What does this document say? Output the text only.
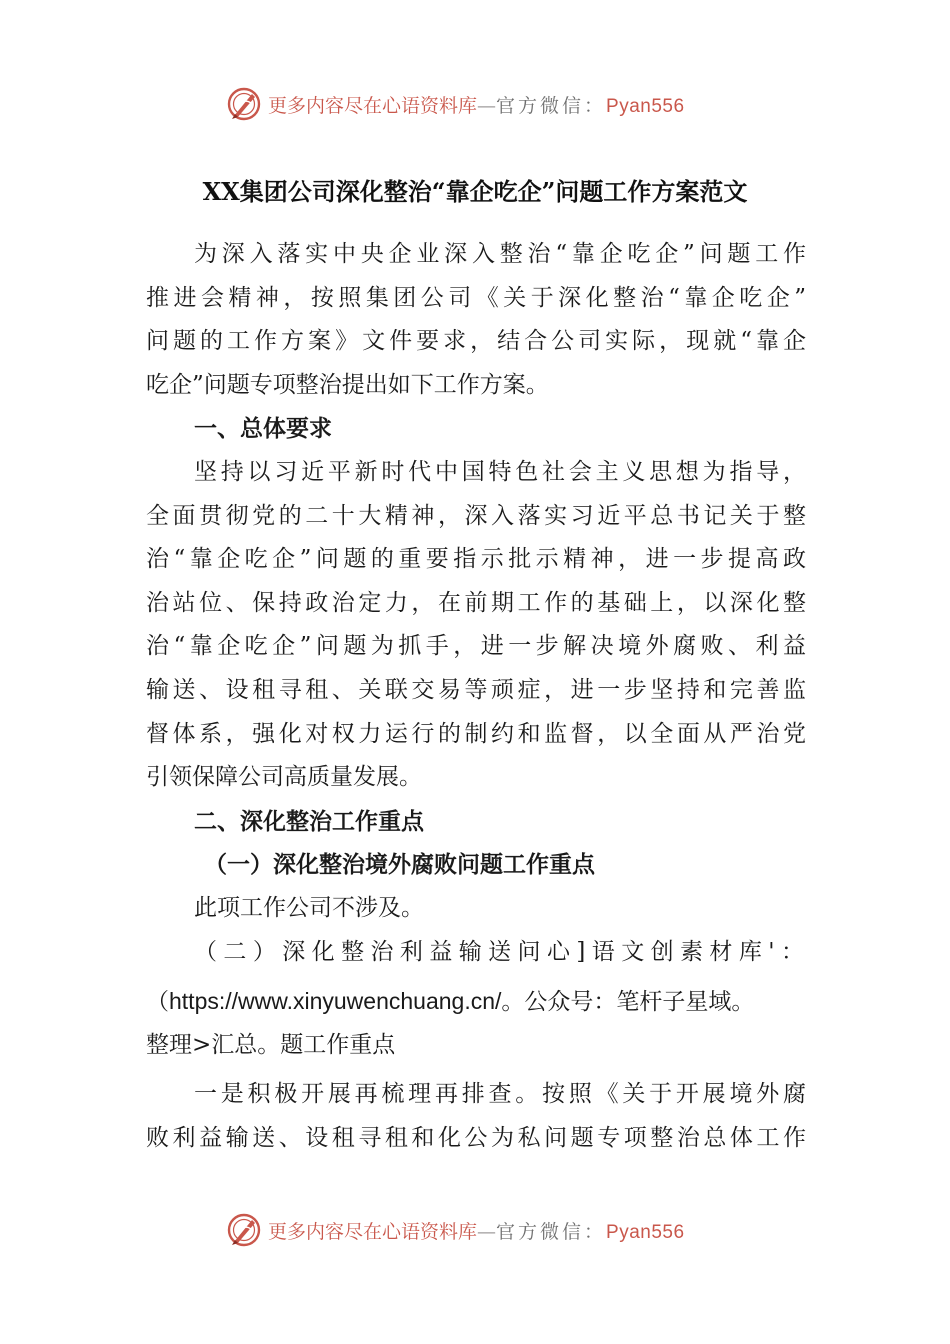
更多内容尽在心语资料库—官方微信：Pyan556
XX集团公司深化整治“靠企吃企”问题工作方案范文
为深入落实中央企业深入整治“靠企吃企”问题工作
推进会精神，按照集团公司《关于深化整治“靠企吃企”
问题的工作方案》文件要求，结合公司实际，现就“靠企
吃企”问题专项整治提出如下工作方案。
一、总体要求
坚持以习近平新时代中国特色社会主义思想为指导，
全面贯彻党的二十大精神，深入落实习近平总书记关于整
治“靠企吃企”问题的重要指示批示精神，进一步提高政
治站位、保持政治定力，在前期工作的基础上，以深化整
治“靠企吃企”问题为抓手，进一步解决境外腐败、利益
输送、设租寻租、关联交易等顽症，进一步坚持和完善监
督体系，强化对权力运行的制约和监督，以全面从严治党
引领保障公司高质量发展。
二、深化整治工作重点
（一）深化整治境外腐败问题工作重点
此项工作公司不涉及。
（二）深化整治利益输送问心]语文创素材库'：
（https://www.xinyuwenchuang.cn/。公众号：笔杆子星域。
整理>汇总。题工作重点
一是积极开展再梳理再排查。按照《关于开展境外腐
败利益输送、设租寻租和化公为私问题专项整治总体工作
更多内容尽在心语资料库—官方微信：Pyan556
